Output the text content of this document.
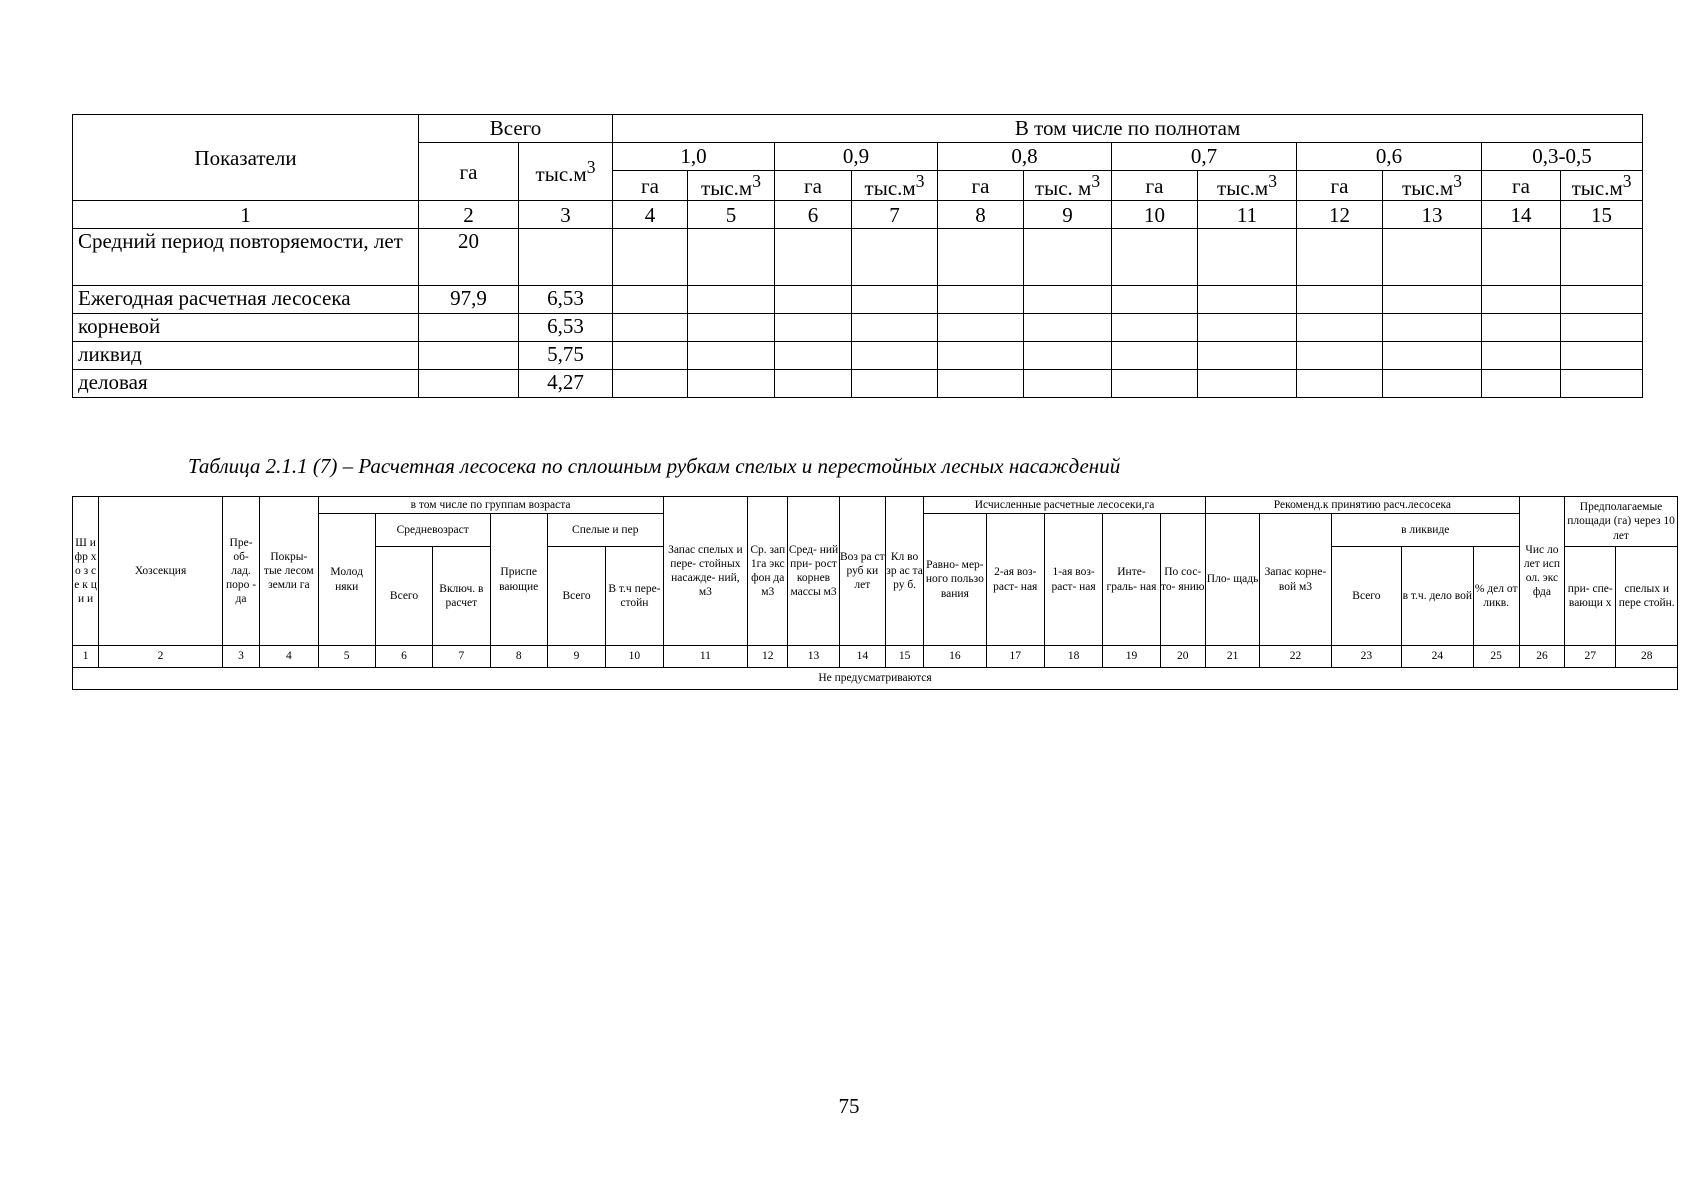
Показатели	Всего		В том числе по полнотам											
	га	$тыс.м^3$	1,0		0,9		0,8		0,7		0,6		0,3-0,5	
			га	$тыс.м^3$	га	$тыс.м^3$	га	тыс. $м^3$	га	$тыс.м^3$	га	$тыс.м^3$	га	$тыс.м^3$
1	2	3	4	5	6	7	8	9	10	11	12	13	14	15
Средний период повторяемости, лет	20													
Ежегодная расчетная лесосека	97,9	6,53												
корневой		6,53												
ликвид		5,75												
деловая		4,27												
Таблица 2.1.1 (7) – Расчетная лесосека по сплошным рубкам спелых и перестойных лесных насаждений
Ш и фр хо з се к ци и	Хозсекция	Пре- об- лад. поро - да	Покры- тые лесом земли га	в том числе по группам возраста						Запас спелых и пере- стойных насажде- ний, м3	Ср. зап 1га экс фон да м3	Сред- ний при- рост корнев массы м3	Воз ра ст руб ки лет	Кл во зр ас та ру б.	Исчисленные расчетные лесосеки,га					Рекоменд.к принятию расч.лесосека					Чис ло лет исп ол. экс фда	Предполагаемые площади (га) через 10 лет	
				Молод няки	Средневозраст		Приспе вающие	Спелые и пер							Равно- мер- ного пользо вания	2-ая воз- раст- ная	1-ая воз- раст- ная	Инте- граль- ная	По сос- то- янию	Пло- щадь	Запас корне- вой м3	в ликвиде					
					Всего	Включ. в расчет		Всего	В т.ч пере- стойн													Всего	в т.ч. дело вой	% дел от ликв.		при- спе- вающи х	спелых и пере стойн.
1	2	3	4	5	6	7	8	9	10	11	12	13	14	15	16	17	18	19	20	21	22	23	24	25	26	27	28
Не предусматриваются																											
75
